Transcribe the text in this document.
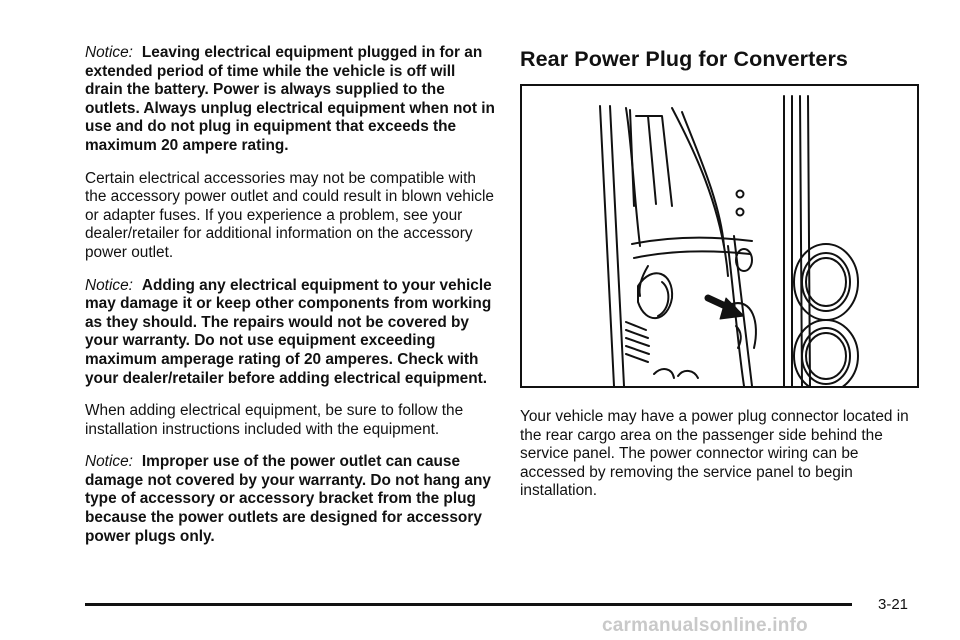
Notice: Leaving electrical equipment plugged in for an extended period of time while the vehicle is off will drain the battery. Power is always supplied to the outlets. Always unplug electrical equipment when not in use and do not plug in equipment that exceeds the maximum 20 ampere rating.

Certain electrical accessories may not be compatible with the accessory power outlet and could result in blown vehicle or adapter fuses. If you experience a problem, see your dealer/retailer for additional information on the accessory power outlet.

Notice: Adding any electrical equipment to your vehicle may damage it or keep other components from working as they should. The repairs would not be covered by your warranty. Do not use equipment exceeding maximum amperage rating of 20 amperes. Check with your dealer/retailer before adding electrical equipment.

When adding electrical equipment, be sure to follow the installation instructions included with the equipment.

Notice: Improper use of the power outlet can cause damage not covered by your warranty. Do not hang any type of accessory or accessory bracket from the plug because the power outlets are designed for accessory power plugs only.

Rear Power Plug for Converters

Your vehicle may have a power plug connector located in the rear cargo area on the passenger side behind the service panel. The power connector wiring can be accessed by removing the service panel to begin installation.

3-21
carmanualsonline.info
